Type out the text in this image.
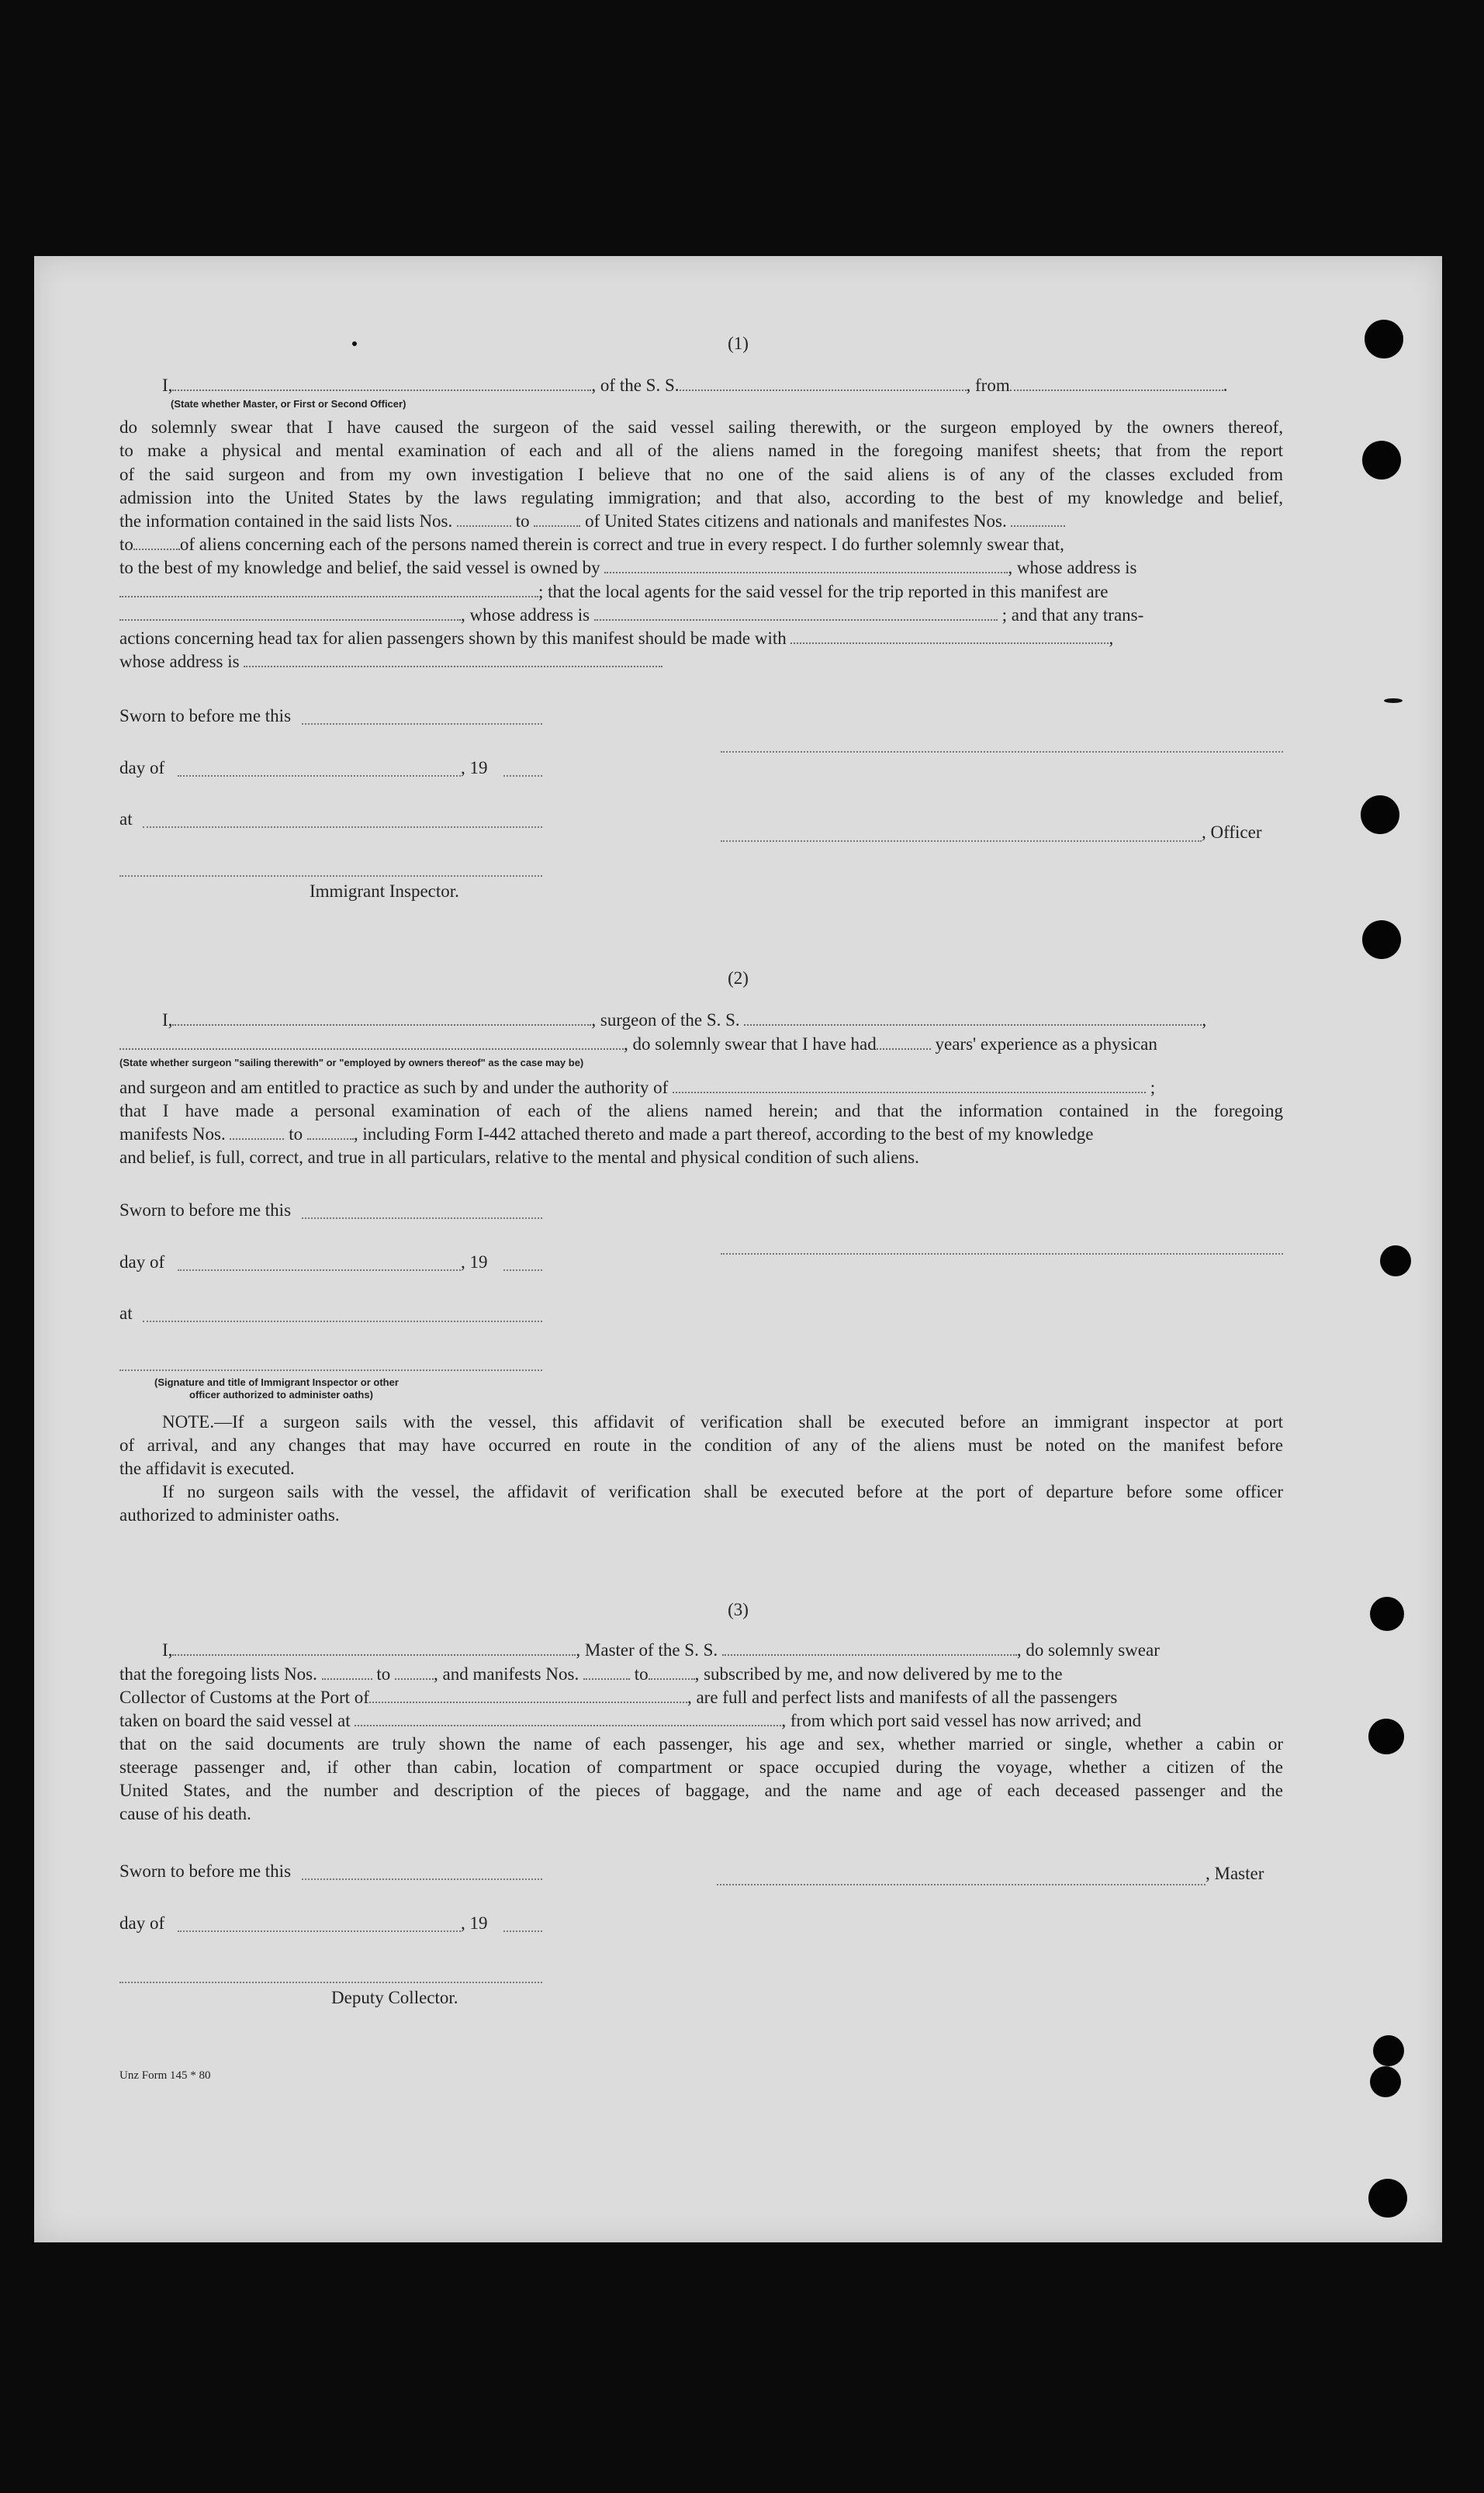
(1)
I,	, of the S. S.	, from	.
(State whether Master, or First or Second Officer)
do solemnly swear that I have caused the surgeon of the said vessel sailing therewith, or the surgeon employed by the owners thereof,
to make a physical and mental examination of each and all of the aliens named in the foregoing manifest sheets; that from the report
of the said surgeon and from my own investigation I believe that no one of the said aliens is of any of the classes excluded from
admission into the United States by the laws regulating immigration; and that also, according to the best of my knowledge and belief,
the information contained in the said lists Nos.	to	of United States citizens and nationals and manifestes Nos.
to	of aliens concerning each of the persons named therein is correct and true in every respect. I do further solemnly swear that,
to the best of my knowledge and belief, the said vessel is owned by	, whose address is
; that the local agents for the said vessel for the trip reported in this manifest are
, whose address is	; and that any trans-
actions concerning head tax for alien passengers shown by this manifest should be made with	,
whose address is
Sworn to before me this
day of	, 19
at
, Officer
Immigrant Inspector.
(2)
I,	, surgeon of the S. S.	,
, do solemnly swear that I have had	years' experience as a physican
(State whether surgeon "sailing therewith" or "employed by owners thereof" as the case may be)
and surgeon and am entitled to practice as such by and under the authority of	;
that I have made a personal examination of each of the aliens named herein; and that the information contained in the foregoing
manifests Nos.	to	, including Form I-442 attached thereto and made a part thereof, according to the best of my knowledge
and belief, is full, correct, and true in all particulars, relative to the mental and physical condition of such aliens.
Sworn to before me this
day of	, 19
at
(Signature and title of Immigrant Inspector or other
officer authorized to administer oaths)
NOTE.—If a surgeon sails with the vessel, this affidavit of verification shall be executed before an immigrant inspector at port
of arrival, and any changes that may have occurred en route in the condition of any of the aliens must be noted on the manifest before
the affidavit is executed.
If no surgeon sails with the vessel, the affidavit of verification shall be executed before at the port of departure before some officer
authorized to administer oaths.
(3)
I,	, Master of the S. S.	, do solemnly swear
that the foregoing lists Nos.	to , and manifests Nos.	to	, subscribed by me, and now delivered by me to the
Collector of Customs at the Port of	, are full and perfect lists and manifests of all the passengers
taken on board the said vessel at	, from which port said vessel has now arrived; and
that on the said documents are truly shown the name of each passenger, his age and sex, whether married or single, whether a cabin or
steerage passenger and, if other than cabin, location of compartment or space occupied during the voyage, whether a citizen of the
United States, and the number and description of the pieces of baggage, and the name and age of each deceased passenger and the
cause of his death.
Sworn to before me this	, Master
day of	, 19
Deputy Collector.
Unz Form 145 * 80
